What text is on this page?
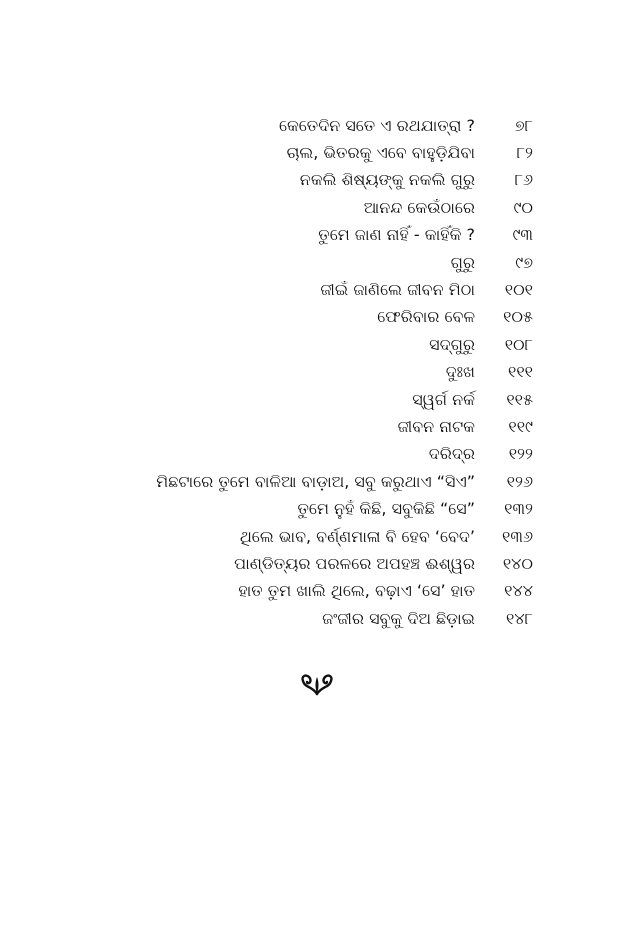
କେତେଦିନ ସତେ ଏ ରଥଯାତ୍ରା ?	୭୮
ଚାଲ, ଭିତରକୁ ଏବେ ବାହୁଡ଼ିଯିବା	୮୨
ନକଲି ଶିଷ୍ୟଙ୍କୁ ନକଲି ଗୁରୁ	୮୬
ଆନନ୍ଦ କେଉଁଠାରେ	୯୦
ତୁମେ ଜାଣ ନାହିଁ - କାହିଁକି ?	୯୩
ଗୁରୁ	୯୭
ଜୀଇଁ ଜାଣିଲେ ଜୀବନ ମିଠା	୧୦୧
ଫେରିବାର ବେଳ	୧୦୫
ସଦ୍‌ଗୁରୁ	୧୦୮
ଦୁଃଖ	୧୧୧
ସ୍ୱର୍ଗ ନର୍କ	୧୧୫
ଜୀବନ ନାଟକ	୧୧୯
ଦରିଦ୍ର	୧୨୨
ମିଛଟାରେ ତୁମେ ବାଳିଆ ବାଡ଼ାଅ, ସବୁ କରୁଥାଏ “ସିଏ”	୧୨୬
ତୁମେ ନୁହଁ କିଛି, ସବୁକିଛି “ସେ”	୧୩୨
ଥିଲେ ଭାବ, ବର୍ଣ୍ଣମାଳା ବି ହେବ ‘ବେଦ’	୧୩୬
ପାଣ୍ଡିତ୍ୟର ପରଳରେ ଅପହଞ୍ଚ ଈଶ୍ୱର	୧୪୦
ହାତ ତୁମ ଖାଲି ଥିଲେ, ବଢ଼ାଏ ‘ସେ’ ହାତ	୧୪୪
ଜଂଜୀର ସବୁକୁ ଦିଅ ଛିଡ଼ାଇ	୧୪୮
